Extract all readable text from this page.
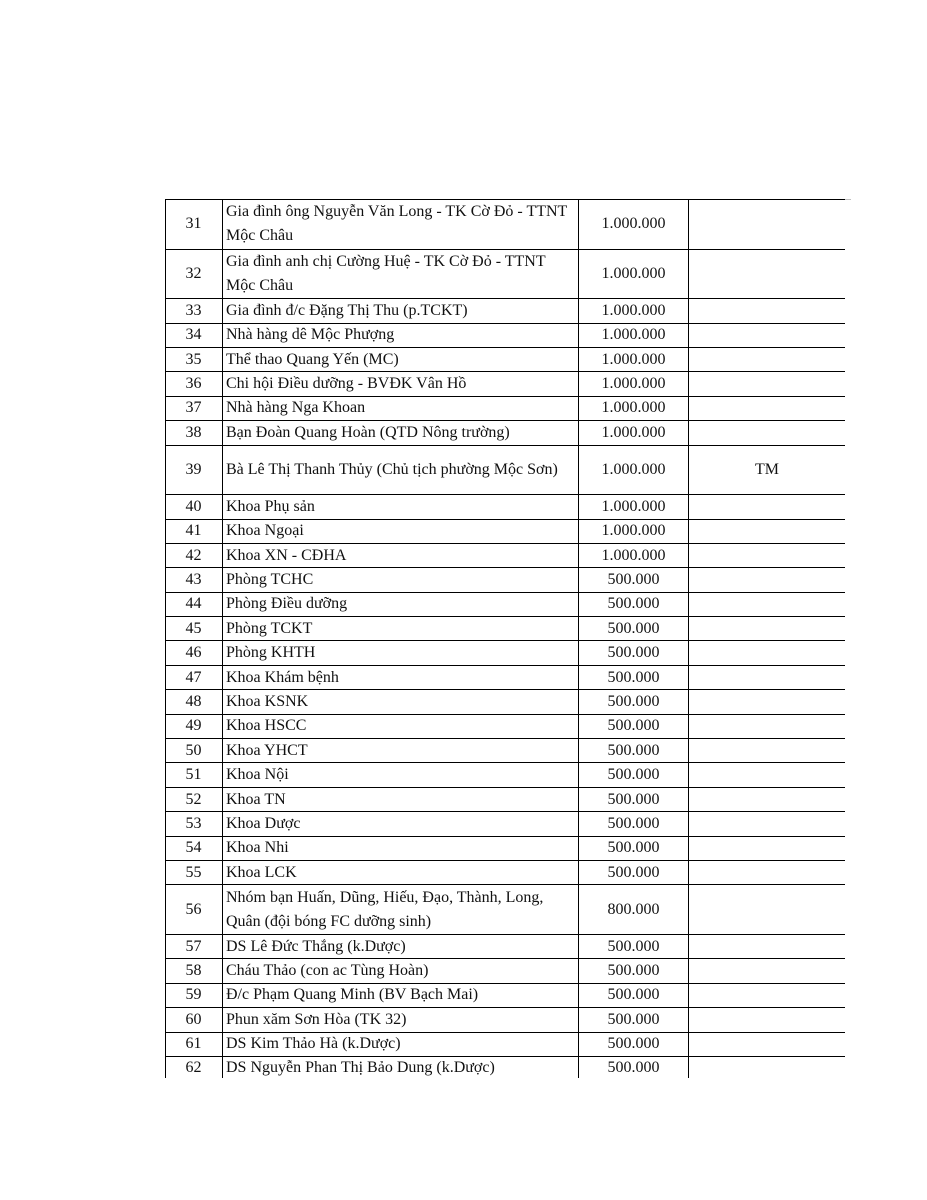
31	Gia đình ông Nguyễn Văn Long - TK Cờ Đỏ - TTNT Mộc Châu	1.000.000	
32	Gia đình anh chị Cường Huệ - TK Cờ Đỏ - TTNT Mộc Châu	1.000.000	
33	Gia đình đ/c Đặng Thị Thu (p.TCKT)	1.000.000	
34	Nhà hàng dê Mộc Phượng	1.000.000	
35	Thể thao Quang Yến (MC)	1.000.000	
36	Chi hội Điều dưỡng - BVĐK Vân Hồ	1.000.000	
37	Nhà hàng Nga Khoan	1.000.000	
38	Bạn Đoàn Quang Hoàn (QTD Nông trường)	1.000.000	
39	Bà Lê Thị Thanh Thủy (Chủ tịch phường Mộc Sơn)	1.000.000	TM
40	Khoa Phụ sản	1.000.000	
41	Khoa Ngoại	1.000.000	
42	Khoa XN - CĐHA	1.000.000	
43	Phòng TCHC	500.000	
44	Phòng Điều dưỡng	500.000	
45	Phòng TCKT	500.000	
46	Phòng KHTH	500.000	
47	Khoa Khám bệnh	500.000	
48	Khoa KSNK	500.000	
49	Khoa HSCC	500.000	
50	Khoa YHCT	500.000	
51	Khoa Nội	500.000	
52	Khoa TN	500.000	
53	Khoa Dược	500.000	
54	Khoa Nhi	500.000	
55	Khoa LCK	500.000	
56	Nhóm bạn Huấn, Dũng, Hiếu, Đạo, Thành, Long, Quân (đội bóng FC dưỡng sinh)	800.000	
57	DS Lê Đức Thắng (k.Dược)	500.000	
58	Cháu Thảo (con ac Tùng Hoàn)	500.000	
59	Đ/c Phạm Quang Minh (BV Bạch Mai)	500.000	
60	Phun xăm Sơn Hòa (TK 32)	500.000	
61	DS Kim Thảo Hà (k.Dược)	500.000	
62	DS Nguyễn Phan Thị Bảo Dung (k.Dược)	500.000	
